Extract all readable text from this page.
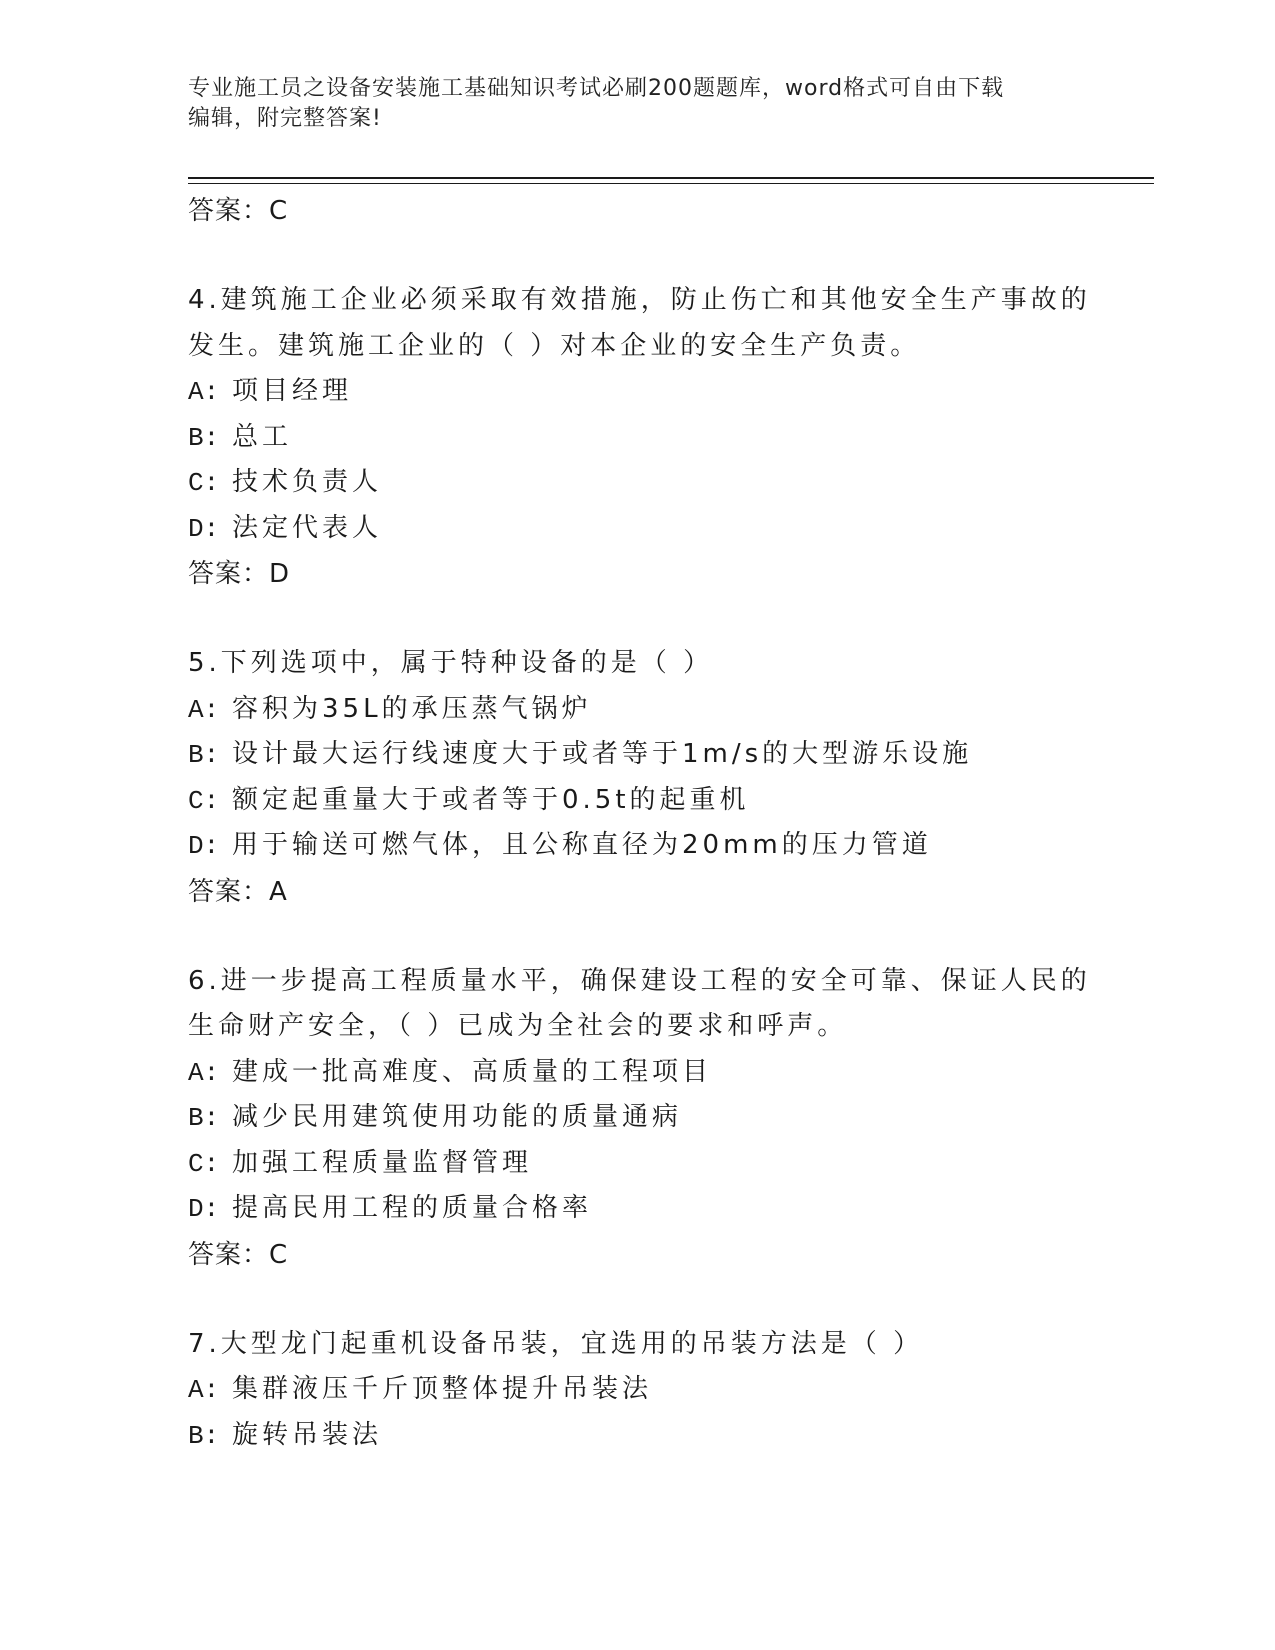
专业施工员之设备安装施工基础知识考试必刷200题题库，word格式可自由下载
编辑，附完整答案!
答案：C
4.建筑施工企业必须采取有效措施，防止伤亡和其他安全生产事故的
发生。建筑施工企业的（ ）对本企业的安全生产负责。
A: 项目经理
B: 总工
C: 技术负责人
D: 法定代表人
答案：D
5.下列选项中，属于特种设备的是（ ）
A: 容积为35L的承压蒸气锅炉
B: 设计最大运行线速度大于或者等于1m/s的大型游乐设施
C: 额定起重量大于或者等于0.5t的起重机
D: 用于输送可燃气体，且公称直径为20mm的压力管道
答案：A
6.进一步提高工程质量水平，确保建设工程的安全可靠、保证人民的
生命财产安全，（ ）已成为全社会的要求和呼声。
A: 建成一批高难度、高质量的工程项目
B: 减少民用建筑使用功能的质量通病
C: 加强工程质量监督管理
D: 提高民用工程的质量合格率
答案：C
7.大型龙门起重机设备吊装，宜选用的吊装方法是（ ）
A: 集群液压千斤顶整体提升吊装法
B: 旋转吊装法
